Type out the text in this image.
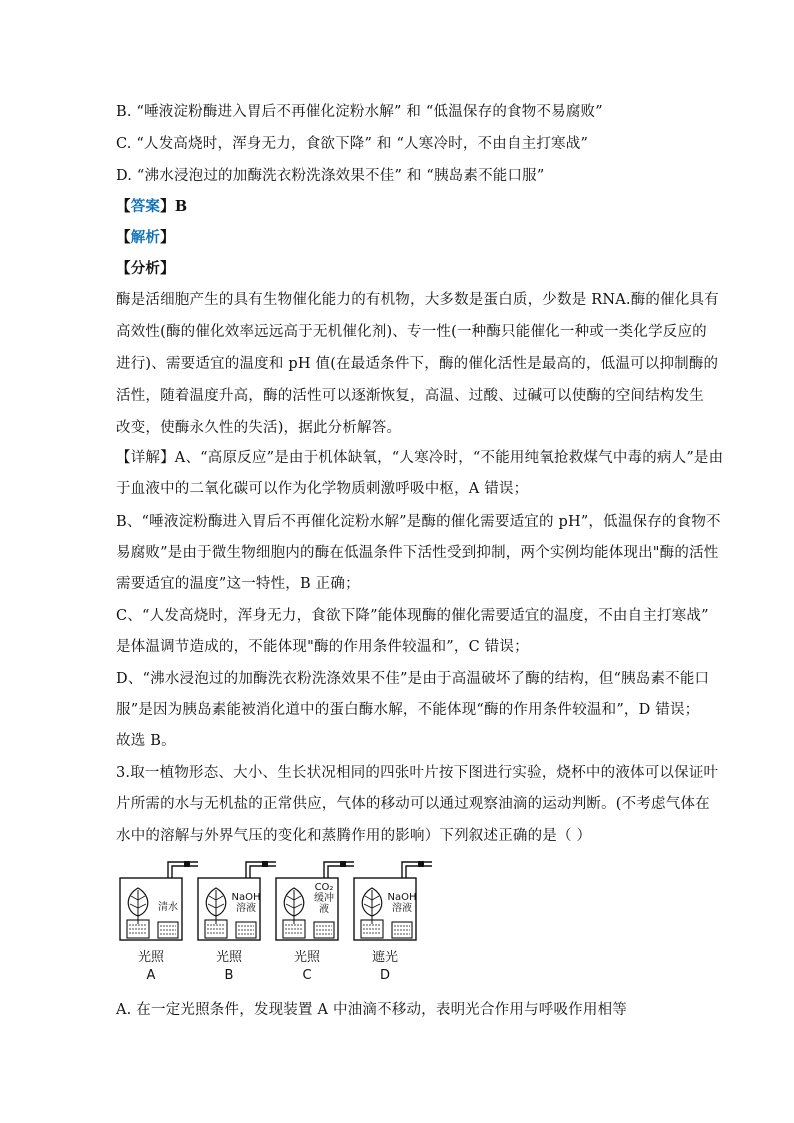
B. “唾液淀粉酶进入胃后不再催化淀粉水解” 和 “低温保存的食物不易腐败”
C. “人发高烧时，浑身无力，食欲下降” 和 “人寒冷时，不由自主打寒战”
D. “沸水浸泡过的加酶洗衣粉洗涤效果不佳” 和 “胰岛素不能口服”
【答案】B
【解析】
【分析】
酶是活细胞产生的具有生物催化能力的有机物，大多数是蛋白质，少数是 RNA.酶的催化具有
高效性(酶的催化效率远远高于无机催化剂)、专一性(一种酶只能催化一种或一类化学反应的
进行)、需要适宜的温度和 pH 值(在最适条件下，酶的催化活性是最高的，低温可以抑制酶的
活性，随着温度升高，酶的活性可以逐渐恢复，高温、过酸、过碱可以使酶的空间结构发生
改变，使酶永久性的失活)，据此分析解答。
【详解】A、“高原反应”是由于机体缺氧，“人寒冷时，“不能用纯氧抢救煤气中毒的病人”是由
于血液中的二氧化碳可以作为化学物质刺激呼吸中枢，A 错误；
B、“唾液淀粉酶进入胃后不再催化淀粉水解”是酶的催化需要适宜的 pH”，低温保存的食物不
易腐败”是由于微生物细胞内的酶在低温条件下活性受到抑制，两个实例均能体现出"酶的活性
需要适宜的温度”这一特性，B 正确；
C、“人发高烧时，浑身无力，食欲下降”能体现酶的催化需要适宜的温度，不由自主打寒战”
是体温调节造成的，不能体现"酶的作用条件较温和”，C 错误；
D、“沸水浸泡过的加酶洗衣粉洗涤效果不佳”是由于高温破坏了酶的结构，但“胰岛素不能口
服”是因为胰岛素能被消化道中的蛋白酶水解，不能体现“酶的作用条件较温和”，D 错误；
故选 B。
3.取一植物形态、大小、生长状况相同的四张叶片按下图进行实验，烧杯中的液体可以保证叶
片所需的水与无机盐的正常供应，气体的移动可以通过观察油滴的运动判断。(不考虑气体在
水中的溶解与外界气压的变化和蒸腾作用的影响）下列叙述正确的是（ ）
清水
光照
A
NaOH
溶液
光照
B
CO₂
缓冲
液
光照
C
NaOH
溶液
遮光
D
A. 在一定光照条件，发现装置 A 中油滴不移动，表明光合作用与呼吸作用相等
